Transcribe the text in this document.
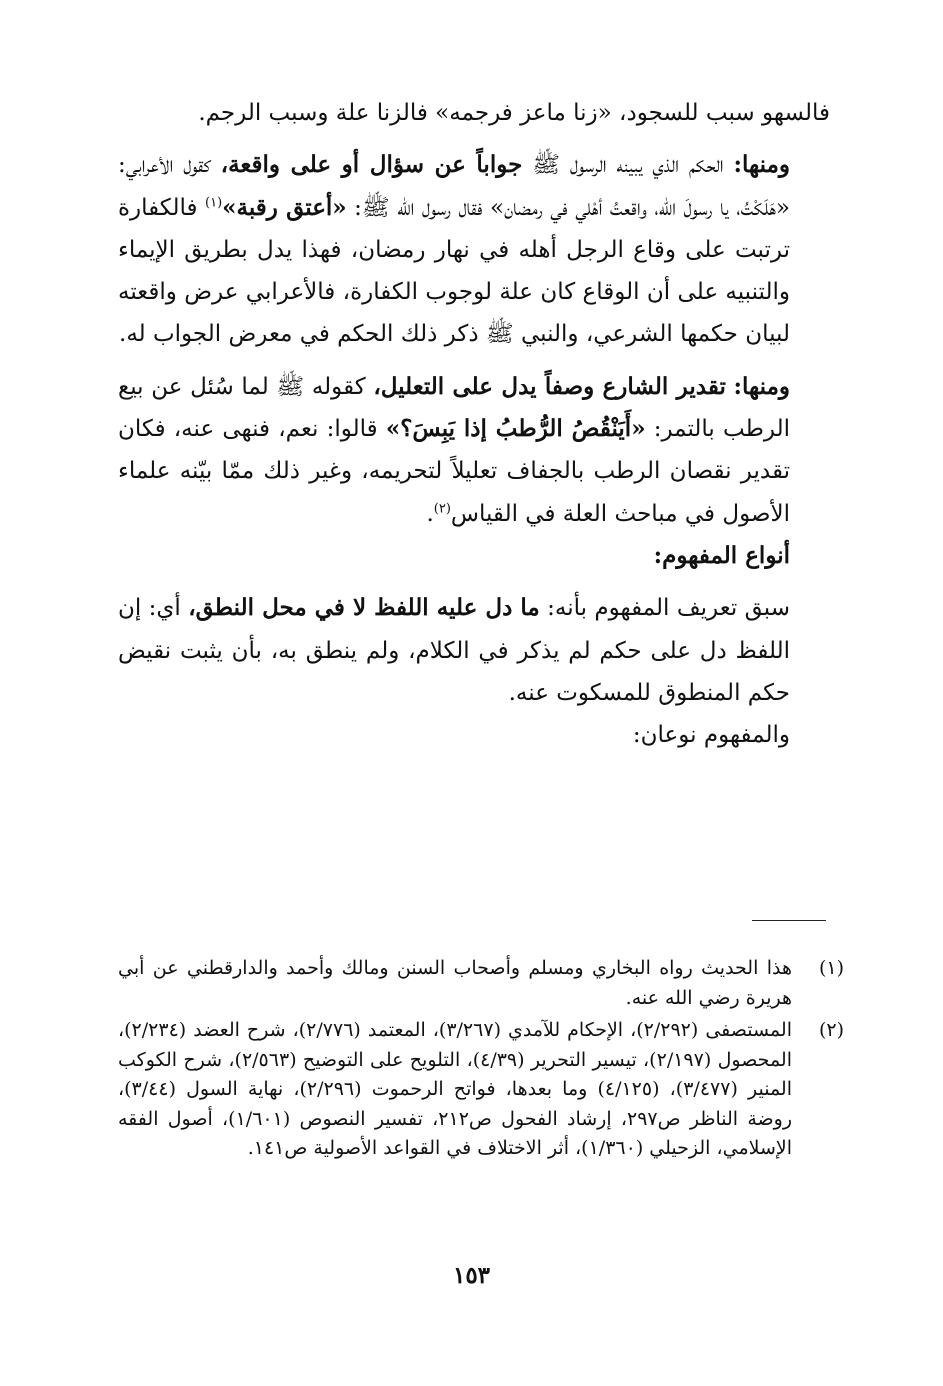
فالسهو سبب للسجود، «زنا ماعز فرجمه» فالزنا علة وسبب الرجم.

ومنها: الحكم الذي يبينه الرسول ﷺ جواباً عن سؤال أو على واقعة، كقول الأعرابي: «هَلَكْتُ، يا رسولَ الله، واقعتُ أهْلي في رمضان» فقال رسول الله ﷺ: «أعتق رقبة»$^{(١)}$ فالكفارة ترتبت على وقاع الرجل أهله في نهار رمضان، فهذا يدل بطريق الإيماء والتنبيه على أن الوقاع كان علة لوجوب الكفارة، فالأعرابي عرض واقعته لبيان حكمها الشرعي، والنبي ﷺ ذكر ذلك الحكم في معرض الجواب له.

ومنها: تقدير الشارع وصفاً يدل على التعليل، كقوله ﷺ لما سُئل عن بيع الرطب بالتمر: «أَيَنْقُصُ الرُّطبُ إذا يَبِسَ؟» قالوا: نعم، فنهى عنه، فكان تقدير نقصان الرطب بالجفاف تعليلاً لتحريمه، وغير ذلك ممّا بيّنه علماء الأصول في مباحث العلة في القياس$^{(٢)}$.

أنواع المفهوم:

سبق تعريف المفهوم بأنه: ما دل عليه اللفظ لا في محل النطق، أي: إن اللفظ دل على حكم لم يذكر في الكلام، ولم ينطق به، بأن يثبت نقيض حكم المنطوق للمسكوت عنه.

والمفهوم نوعان:

(١)
هذا الحديث رواه البخاري ومسلم وأصحاب السنن ومالك وأحمد والدارقطني عن أبي هريرة رضي الله عنه.
(٢)
المستصفى (٢/٢٩٢)، الإحكام للآمدي (٣/٢٦٧)، المعتمد (٢/٧٧٦)، شرح العضد (٢/٢٣٤)، المحصول (٢/١٩٧)، تيسير التحرير (٤/٣٩)، التلويح على التوضيح (٢/٥٦٣)، شرح الكوكب المنير (٣/٤٧٧)، (٤/١٢٥) وما بعدها، فواتح الرحموت (٢/٢٩٦)، نهاية السول (٣/٤٤)، روضة الناظر ص٢٩٧، إرشاد الفحول ص٢١٢، تفسير النصوص (١/٦٠١)، أصول الفقه الإسلامي، الزحيلي (١/٣٦٠)، أثر الاختلاف في القواعد الأصولية ص١٤١.
١٥٣
